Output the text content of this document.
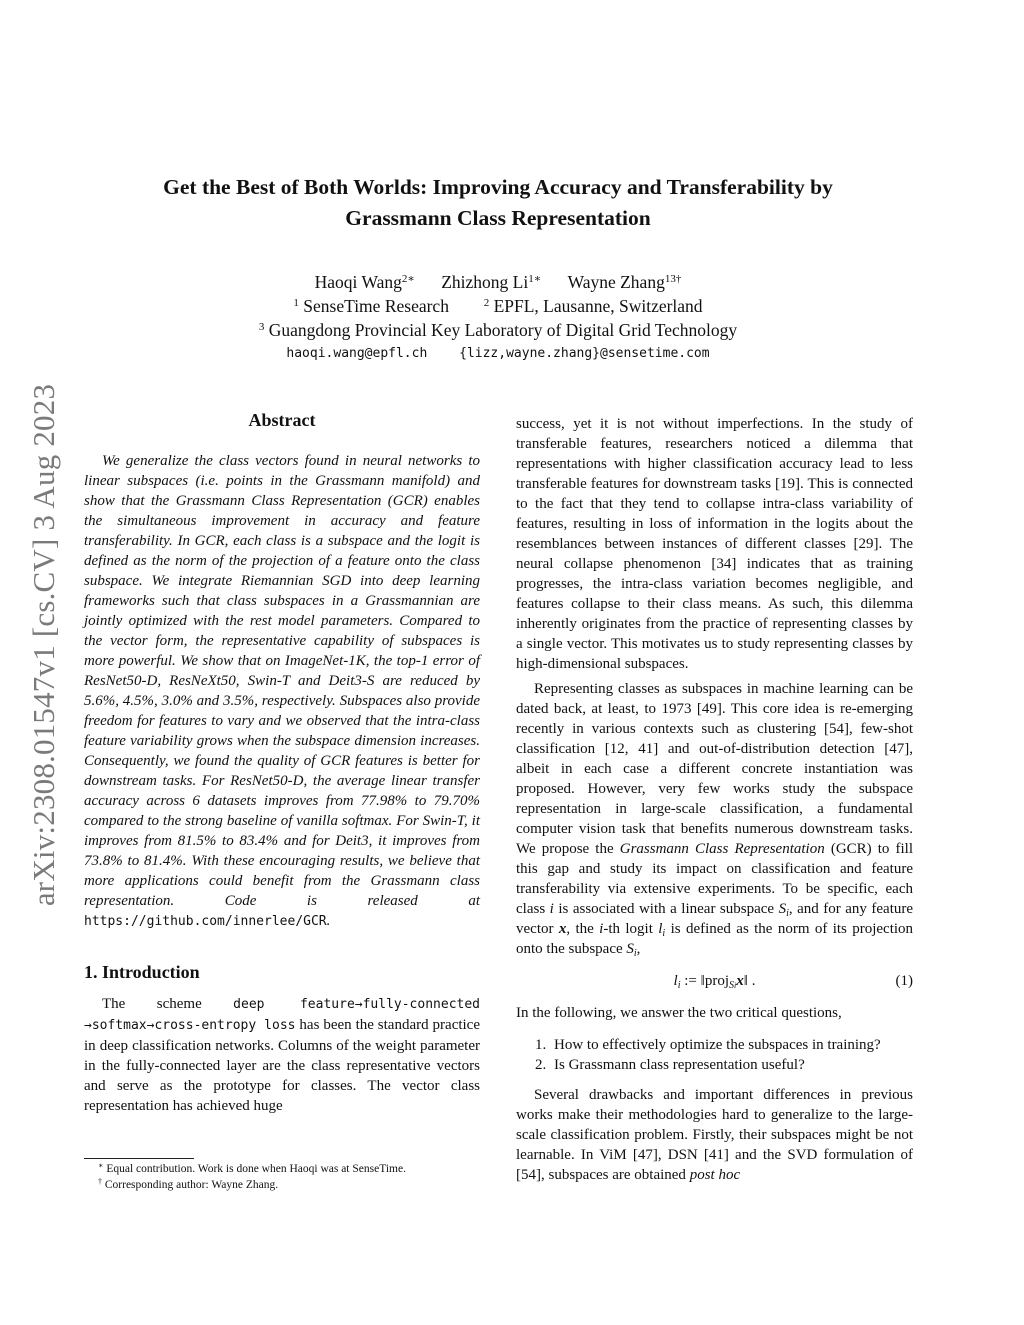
arXiv:2308.01547v1 [cs.CV] 3 Aug 2023
Get the Best of Both Worlds: Improving Accuracy and Transferability by
Grassmann Class Representation
Haoqi Wang$^{2∗}$ Zhizhong $Li^{1∗}$ Wayne Zhang$^{13\dagger}$
$^1$ SenseTime Research	$^2$ EPFL, Lausanne, Switzerland
$^3$ Guangdong Provincial Key Laboratory of Digital Grid Technology
haoqi.wang@epfl.ch {lizz,wayne.zhang}@sensetime.com
Abstract

We generalize the class vectors found in neural networks to linear subspaces (i.e. points in the Grassmann manifold) and show that the Grassmann Class Representation (GCR) enables the simultaneous improvement in accuracy and feature transferability. In GCR, each class is a subspace and the logit is defined as the norm of the projection of a feature onto the class subspace. We integrate Riemannian SGD into deep learning frameworks such that class subspaces in a Grassmannian are jointly optimized with the rest model parameters. Compared to the vector form, the representative capability of subspaces is more powerful. We show that on ImageNet-1K, the top-1 error of ResNet50-D, ResNeXt50, Swin-T and Deit3-S are reduced by 5.6%, 4.5%, 3.0% and 3.5%, respectively. Subspaces also provide freedom for features to vary and we observed that the intra-class feature variability grows when the subspace dimension increases. Consequently, we found the quality of GCR features is better for downstream tasks. For ResNet50-D, the average linear transfer accuracy across 6 datasets improves from 77.98% to 79.70% compared to the strong baseline of vanilla softmax. For Swin-T, it improves from 81.5% to 83.4% and for Deit3, it improves from 73.8% to 81.4%. With these encouraging results, we believe that more applications could benefit from the Grassmann class representation. Code is released at https://github.com/innerlee/GCR.

1. Introduction

The scheme deep feature→fully-connected →softmax→cross-entropy loss has been the standard practice in deep classification networks. Columns of the weight parameter in the fully-connected layer are the class representative vectors and serve as the prototype for classes. The vector class representation has achieved huge

∗ Equal contribution. Work is done when Haoqi was at SenseTime.
† Corresponding author: Wayne Zhang.

success, yet it is not without imperfections. In the study of transferable features, researchers noticed a dilemma that representations with higher classification accuracy lead to less transferable features for downstream tasks [19]. This is connected to the fact that they tend to collapse intra-class variability of features, resulting in loss of information in the logits about the resemblances between instances of different classes [29]. The neural collapse phenomenon [34] indicates that as training progresses, the intra-class variation becomes negligible, and features collapse to their class means. As such, this dilemma inherently originates from the practice of representing classes by a single vector. This motivates us to study representing classes by high-dimensional subspaces.

Representing classes as subspaces in machine learning can be dated back, at least, to 1973 [49]. This core idea is re-emerging recently in various contexts such as clustering [54], few-shot classification [12, 41] and out-of-distribution detection [47], albeit in each case a different concrete instantiation was proposed. However, very few works study the subspace representation in large-scale classification, a fundamental computer vision task that benefits numerous downstream tasks. We propose the Grassmann Class Representation (GCR) to fill this gap and study its impact on classification and feature transferability via extensive experiments. To be specific, each class i is associated with a linear subspace $S_i$, and for any feature vector x, the i-th logit $l_i$ is defined as the norm of its projection onto the subspace $S_i$,

$l_i$ := ‖proj$_{Si}$x‖ .	(1)

In the following, we answer the two critical questions,

1. How to effectively optimize the subspaces in training?
2. Is Grassmann class representation useful?

Several drawbacks and important differences in previous works make their methodologies hard to generalize to the large-scale classification problem. Firstly, their subspaces might be not learnable. In ViM [47], DSN [41] and the SVD formulation of [54], subspaces are obtained post hoc
